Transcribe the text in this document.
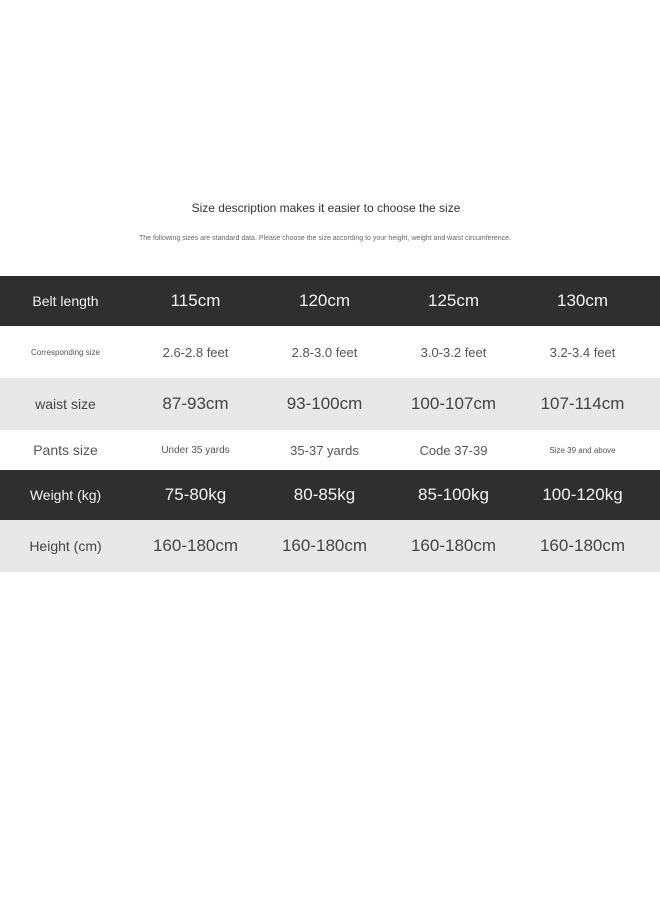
Size description makes it easier to choose the size
The following sizes are standard data. Please choose the size according to your height, weight and waist circumference.
Belt length	115cm	120cm	125cm	130cm
Corresponding size	2.6-2.8 feet	2.8-3.0 feet	3.0-3.2 feet	3.2-3.4 feet
waist size	87-93cm	93-100cm	100-107cm	107-114cm
Pants size	Under 35 yards	35-37 yards	Code 37-39	Size 39 and above
Weight (kg)	75-80kg	80-85kg	85-100kg	100-120kg
Height (cm)	160-180cm	160-180cm	160-180cm	160-180cm
